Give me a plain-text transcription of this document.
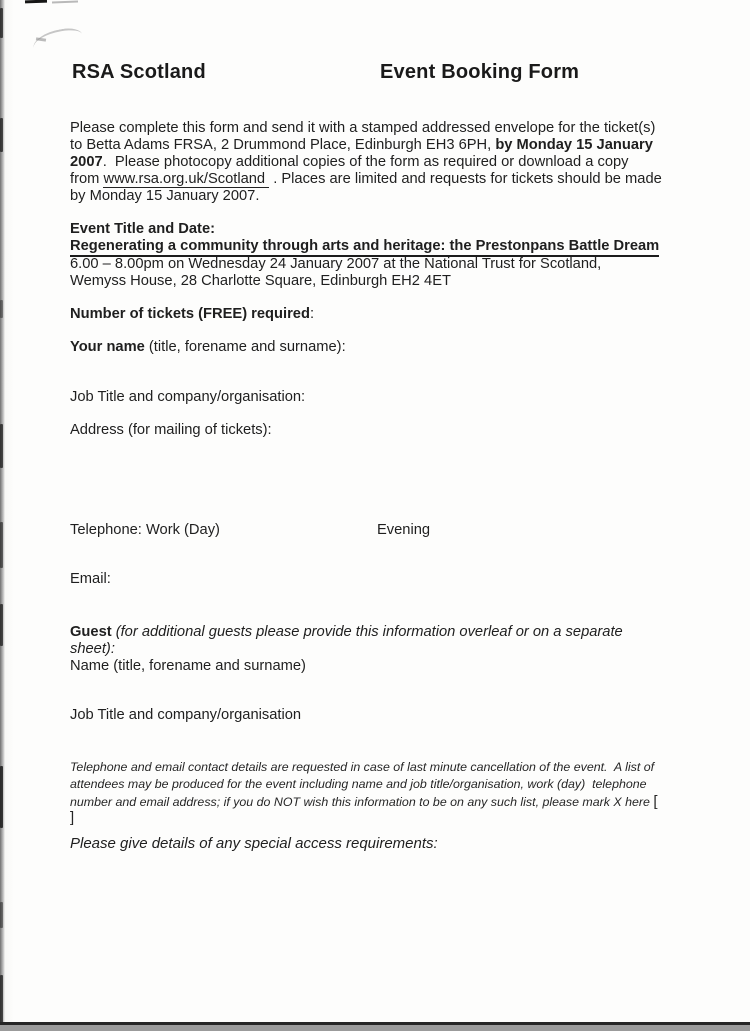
RSA Scotland	Event Booking Form
Please complete this form and send it with a stamped addressed envelope for the ticket(s)
to Betta Adams FRSA, 2 Drummond Place, Edinburgh EH3 6PH, by Monday 15 January
2007.  Please photocopy additional copies of the form as required or download a copy
from www.rsa.org.uk/Scotland . Places are limited and requests for tickets should be made
by Monday 15 January 2007.
Event Title and Date:
Regenerating a community through arts and heritage: the Prestonpans Battle Dream
6.00 – 8.00pm on Wednesday 24 January 2007 at the National Trust for Scotland,
Wemyss House, 28 Charlotte Square, Edinburgh EH2 4ET
Number of tickets (FREE) required:
Your name (title, forename and surname):
Job Title and company/organisation:
Address (for mailing of tickets):
Telephone: Work (Day)	Evening
Email:
Guest (for additional guests please provide this information overleaf or on a separate
sheet):
Name (title, forename and surname)
Job Title and company/organisation
Telephone and email contact details are requested in case of last minute cancellation of the event.  A list of
attendees may be produced for the event including name and job title/organisation, work (day)  telephone
number and email address; if you do NOT wish this information to be on any such list, please mark X here [
]
Please give details of any special access requirements:
